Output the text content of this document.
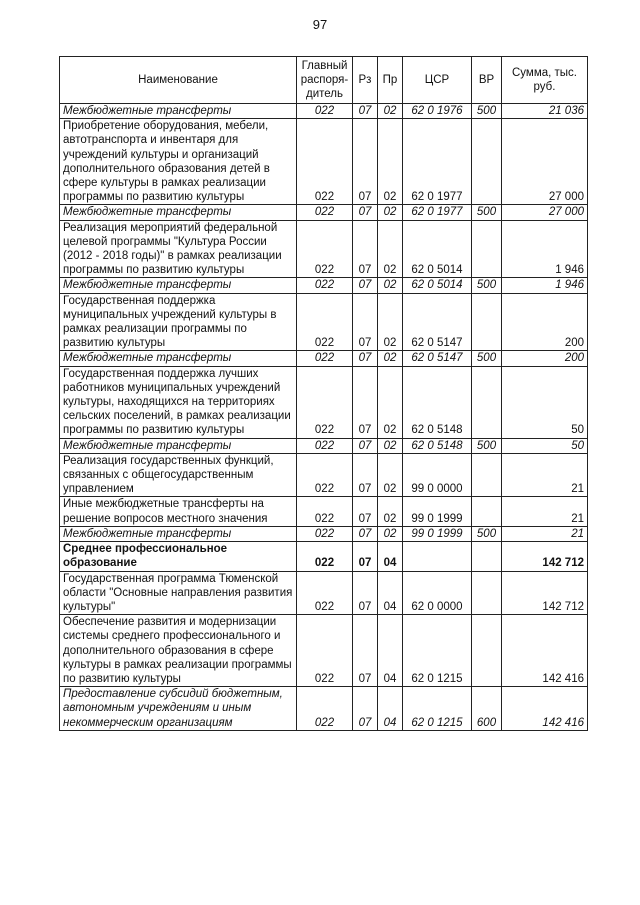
97
Наименование	Главный распоря-дитель	Рз	Пр	ЦСР	ВР	Сумма, тыс. руб.
Межбюджетные трансферты	022	07	02	62 0 1976	500	21 036
Приобретение оборудования, мебели, автотранспорта и инвентаря для учреждений культуры и организаций дополнительного образования детей в сфере культуры в рамках реализации программы по развитию культуры	022	07	02	62 0 1977		27 000
Межбюджетные трансферты	022	07	02	62 0 1977	500	27 000
Реализация мероприятий федеральной целевой программы "Культура России (2012 - 2018 годы)" в рамках реализации программы по развитию культуры	022	07	02	62 0 5014		1 946
Межбюджетные трансферты	022	07	02	62 0 5014	500	1 946
Государственная поддержка муниципальных учреждений культуры в рамках реализации программы по развитию культуры	022	07	02	62 0 5147		200
Межбюджетные трансферты	022	07	02	62 0 5147	500	200
Государственная поддержка лучших работников муниципальных учреждений культуры, находящихся на территориях сельских поселений, в рамках реализации программы по развитию культуры	022	07	02	62 0 5148		50
Межбюджетные трансферты	022	07	02	62 0 5148	500	50
Реализация государственных функций, связанных с общегосударственным управлением	022	07	02	99 0 0000		21
Иные межбюджетные трансферты на решение вопросов местного значения	022	07	02	99 0 1999		21
Межбюджетные трансферты	022	07	02	99 0 1999	500	21
Среднее профессиональное образование	022	07	04			142 712
Государственная программа Тюменской области "Основные направления развития культуры"	022	07	04	62 0 0000		142 712
Обеспечение развития и модернизации системы среднего профессионального и дополнительного образования в сфере культуры в рамках реализации программы по развитию культуры	022	07	04	62 0 1215		142 416
Предоставление субсидий бюджетным, автономным учреждениям и иным некоммерческим организациям	022	07	04	62 0 1215	600	142 416
